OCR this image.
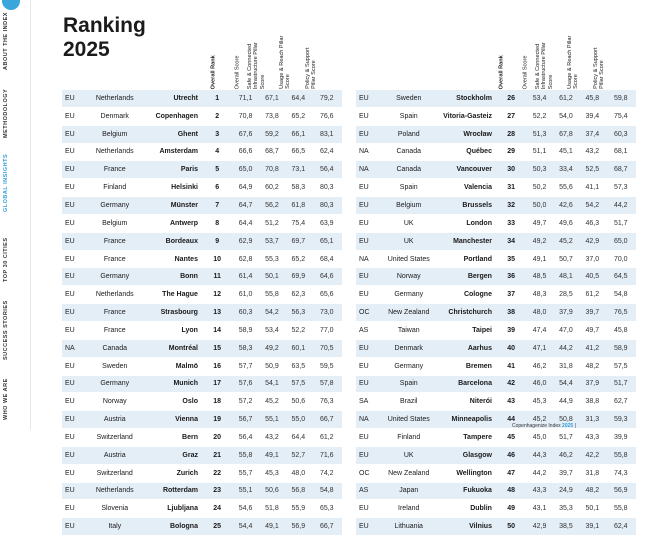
ABOUT THE INDEX
METHODOLOGY
GLOBAL INSIGHTS
TOP 30 CITIES
SUCCESS STORIES
WHO WE ARE
Ranking
2025
Overall Rank	Overall Score Safe & Connected Infrastructure Pillar Score Usage & Reach Pillar Score Policy & Support Pillar Score	Overall Rank	Overall Score Safe & Connected Infrastructure Pillar Score Usage & Reach Pillar Score Policy & Support Pillar Score
EU	Netherlands	Utrecht	1	71,1	67,1	64,4	79,2
EU	Denmark	Copenhagen	2	70,8	73,8	65,2	76,6
EU	Belgium	Ghent	3	67,6	59,2	66,1	83,1
EU	Netherlands	Amsterdam	4	66,6	68,7	66,5	62,4
EU	France	Paris	5	65,0	70,8	73,1	56,4
EU	Finland	Helsinki	6	64,9	60,2	58,3	80,3
EU	Germany	Münster	7	64,7	56,2	61,8	80,3
EU	Belgium	Antwerp	8	64,4	51,2	75,4	63,9
EU	France	Bordeaux	9	62,9	53,7	69,7	65,1
EU	France	Nantes	10	62,8	55,3	65,2	68,4
EU	Germany	Bonn	11	61,4	50,1	69,9	64,6
EU	Netherlands	The Hague	12	61,0	55,8	62,3	65,6
EU	France	Strasbourg	13	60,3	54,2	56,3	73,0
EU	France	Lyon	14	58,9	53,4	52,2	77,0
NA	Canada	Montréal	15	58,3	49,2	60,1	70,5
EU	Sweden	Malmö	16	57,7	50,9	63,5	59,5
EU	Germany	Munich	17	57,6	54,1	57,5	57,8
EU	Norway	Oslo	18	57,2	45,2	50,6	76,3
EU	Austria	Vienna	19	56,7	55,1	55,0	66,7
EU	Switzerland	Bern	20	56,4	43,2	64,4	61,2
EU	Austria	Graz	21	55,8	49,1	52,7	71,6
EU	Switzerland	Zurich	22	55,7	45,3	48,0	74,2
EU	Netherlands	Rotterdam	23	55,1	50,6	56,8	54,8
EU	Slovenia	Ljubljana	24	54,6	51,8	55,9	65,3
EU	Italy	Bologna	25	54,4	49,1	56,9	66,7
EU	Sweden	Stockholm	26	53,4	61,2	45,8	59,8
EU	Spain	Vitoria-Gasteiz	27	52,2	54,0	39,4	75,4
EU	Poland	Wrocław	28	51,3	67,8	37,4	60,3
NA	Canada	Québec	29	51,1	45,1	43,2	68,1
NA	Canada	Vancouver	30	50,3	33,4	52,5	68,7
EU	Spain	Valencia	31	50,2	55,6	41,1	57,3
EU	Belgium	Brussels	32	50,0	42,6	54,2	44,2
EU	UK	London	33	49,7	49,6	46,3	51,7
EU	UK	Manchester	34	49,2	45,2	42,9	65,0
NA	United States	Portland	35	49,1	50,7	37,0	70,0
EU	Norway	Bergen	36	48,5	48,1	40,5	64,5
EU	Germany	Cologne	37	48,3	28,5	61,2	54,8
OC	New Zealand	Christchurch	38	48,0	37,9	39,7	76,5
AS	Taiwan	Taipei	39	47,4	47,0	49,7	45,8
EU	Denmark	Aarhus	40	47,1	44,2	41,2	58,9
EU	Germany	Bremen	41	46,2	31,8	48,2	57,5
EU	Spain	Barcelona	42	46,0	54,4	37,9	51,7
SA	Brazil	Niterói	43	45,3	44,9	38,8	62,7
NA	United States	Minneapolis	44	45,2	50,8	31,3	59,3
EU	Finland	Tampere	45	45,0	51,7	43,3	39,9
EU	UK	Glasgow	46	44,3	46,2	42,2	55,8
OC	New Zealand	Wellington	47	44,2	39,7	31,8	74,3
AS	Japan	Fukuoka	48	43,3	24,9	48,2	56,9
EU	Ireland	Dublin	49	43,1	35,3	50,1	55,8
EU	Lithuania	Vilnius	50	42,9	38,5	39,1	62,4
Copenhagenize Index 2025 |
